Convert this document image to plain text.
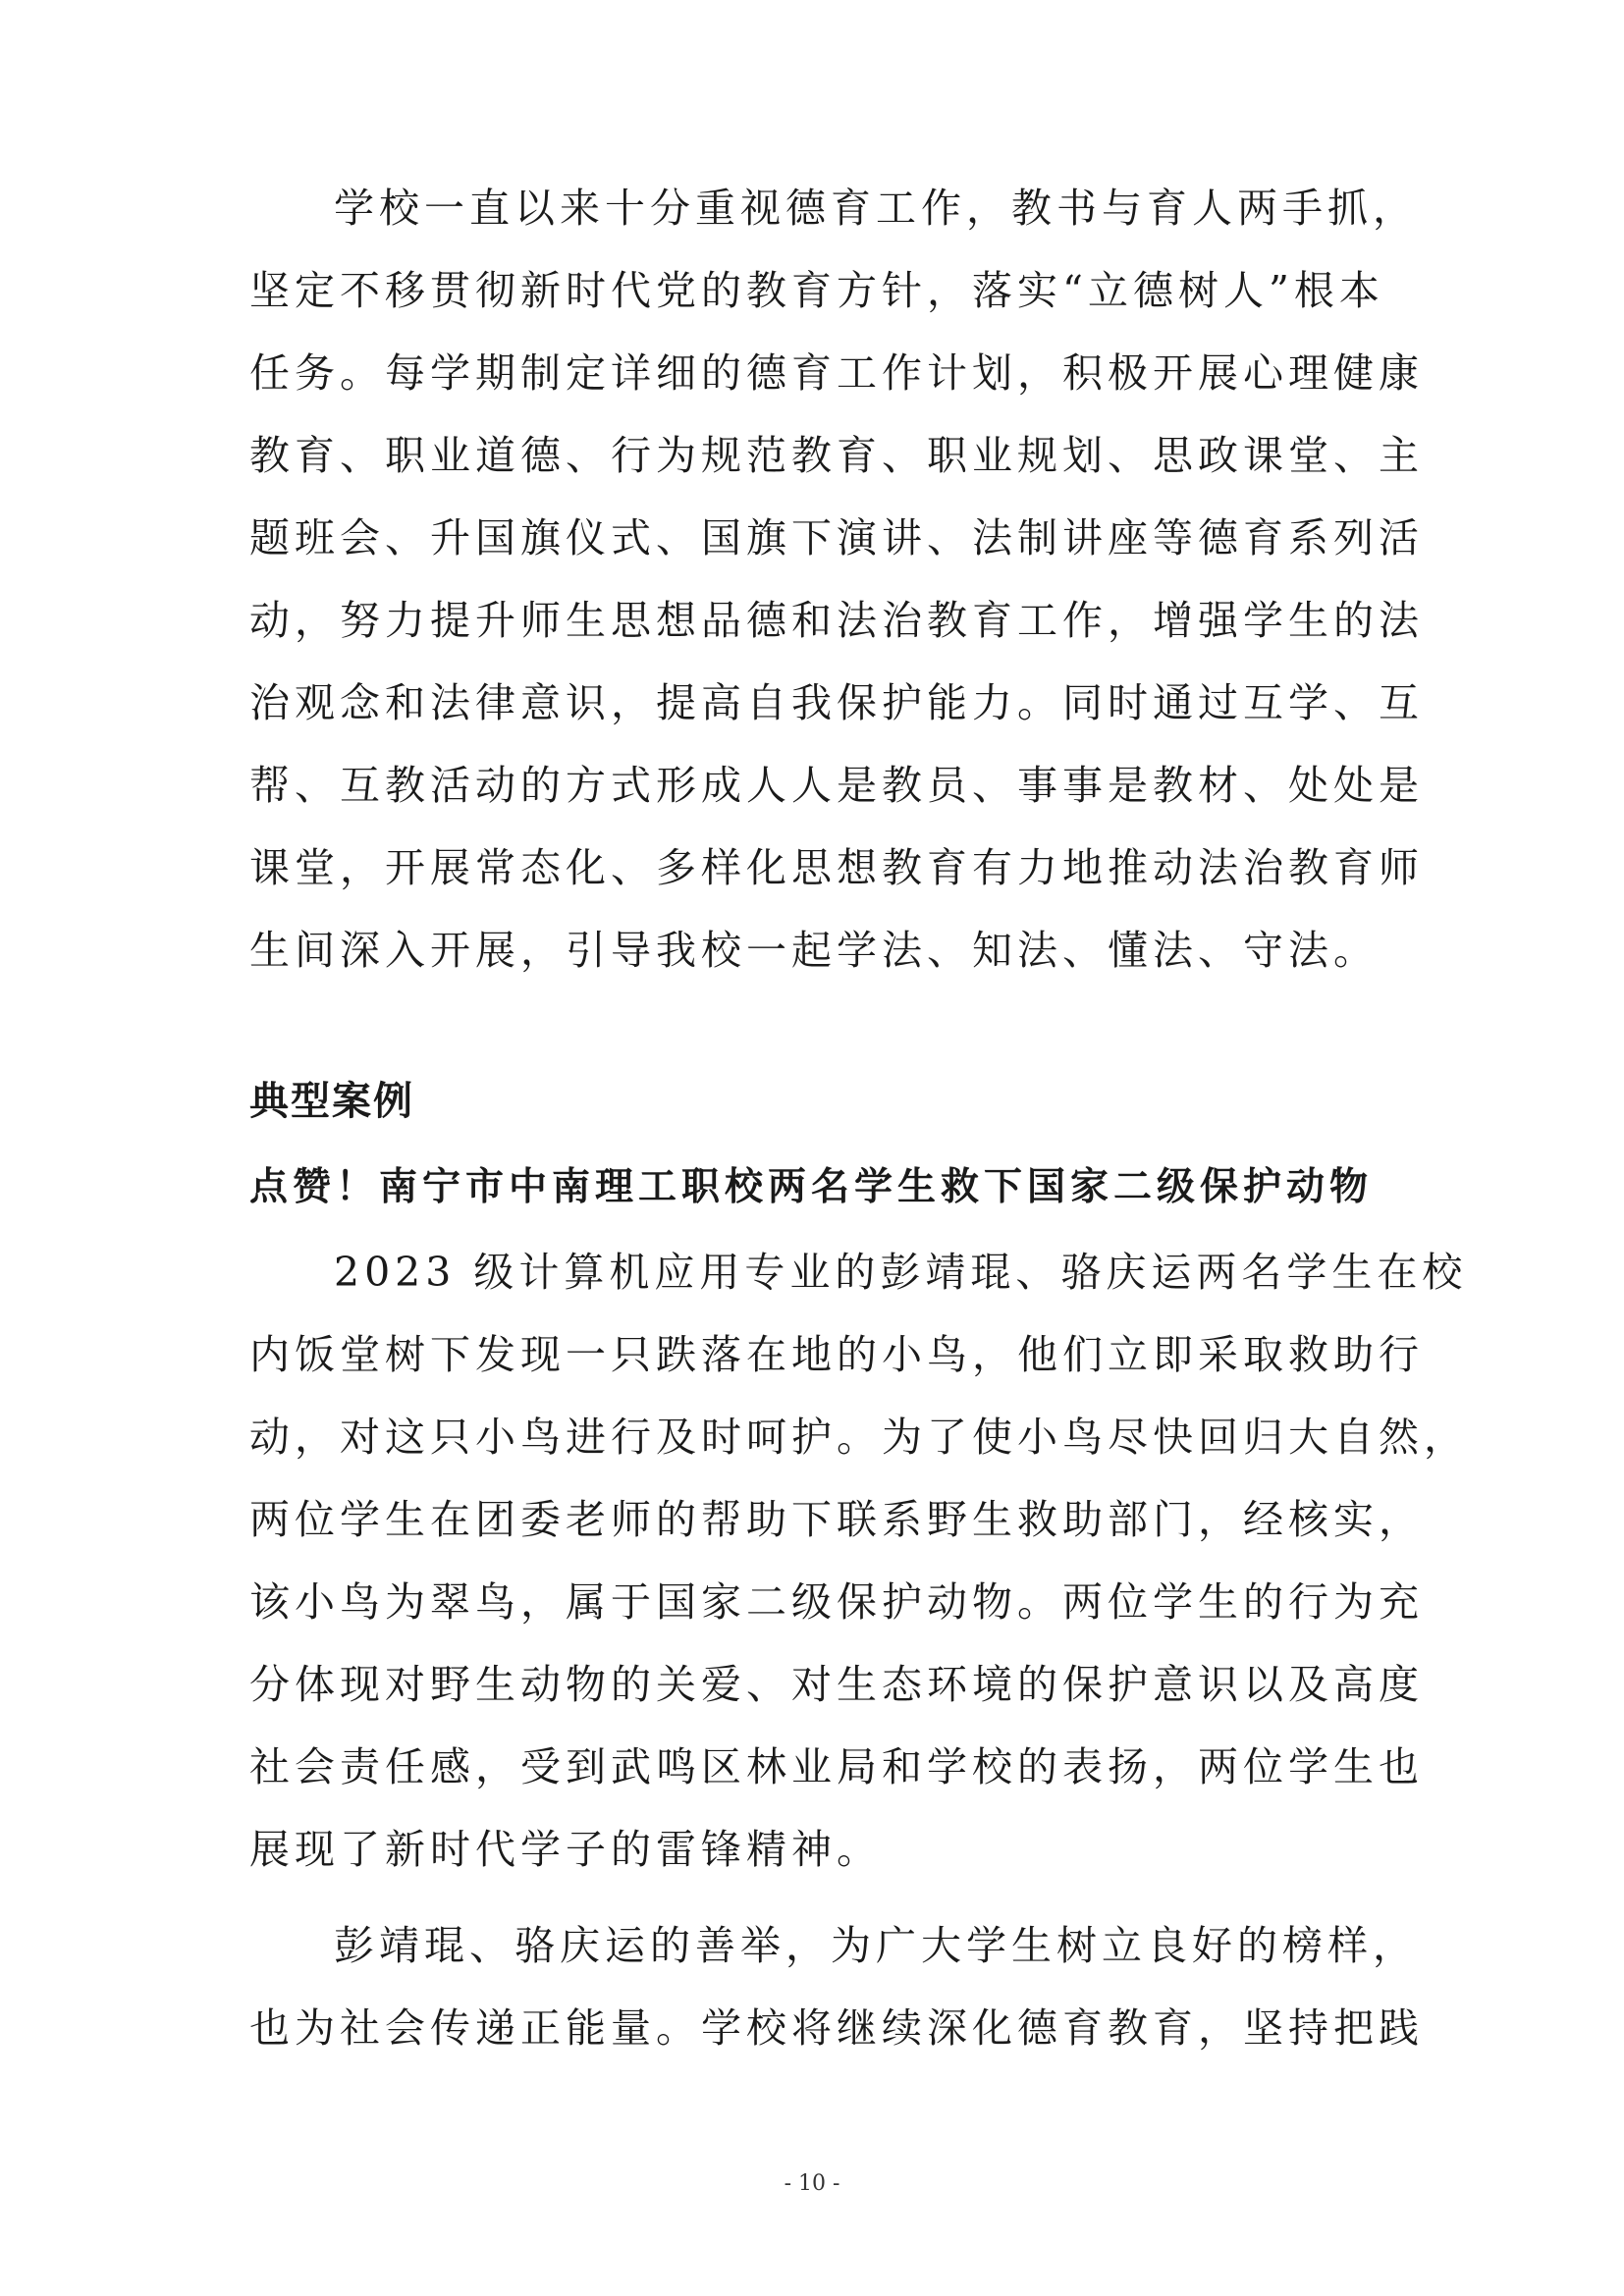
学校一直以来十分重视德育工作，教书与育人两手抓，
坚定不移贯彻新时代党的教育方针，落实“立德树人”根本
任务。每学期制定详细的德育工作计划，积极开展心理健康
教育、职业道德、行为规范教育、职业规划、思政课堂、主
题班会、升国旗仪式、国旗下演讲、法制讲座等德育系列活
动，努力提升师生思想品德和法治教育工作，增强学生的法
治观念和法律意识，提高自我保护能力。同时通过互学、互
帮、互教活动的方式形成人人是教员、事事是教材、处处是
课堂，开展常态化、多样化思想教育有力地推动法治教育师
生间深入开展，引导我校一起学法、知法、懂法、守法。
典型案例
点赞！南宁市中南理工职校两名学生救下国家二级保护动物
2023 级计算机应用专业的彭靖琨、骆庆运两名学生在校
内饭堂树下发现一只跌落在地的小鸟，他们立即采取救助行
动，对这只小鸟进行及时呵护。为了使小鸟尽快回归大自然，
两位学生在团委老师的帮助下联系野生救助部门，经核实，
该小鸟为翠鸟，属于国家二级保护动物。两位学生的行为充
分体现对野生动物的关爱、对生态环境的保护意识以及高度
社会责任感，受到武鸣区林业局和学校的表扬，两位学生也
展现了新时代学子的雷锋精神。
彭靖琨、骆庆运的善举，为广大学生树立良好的榜样，
也为社会传递正能量。学校将继续深化德育教育，坚持把践
- 10 -
